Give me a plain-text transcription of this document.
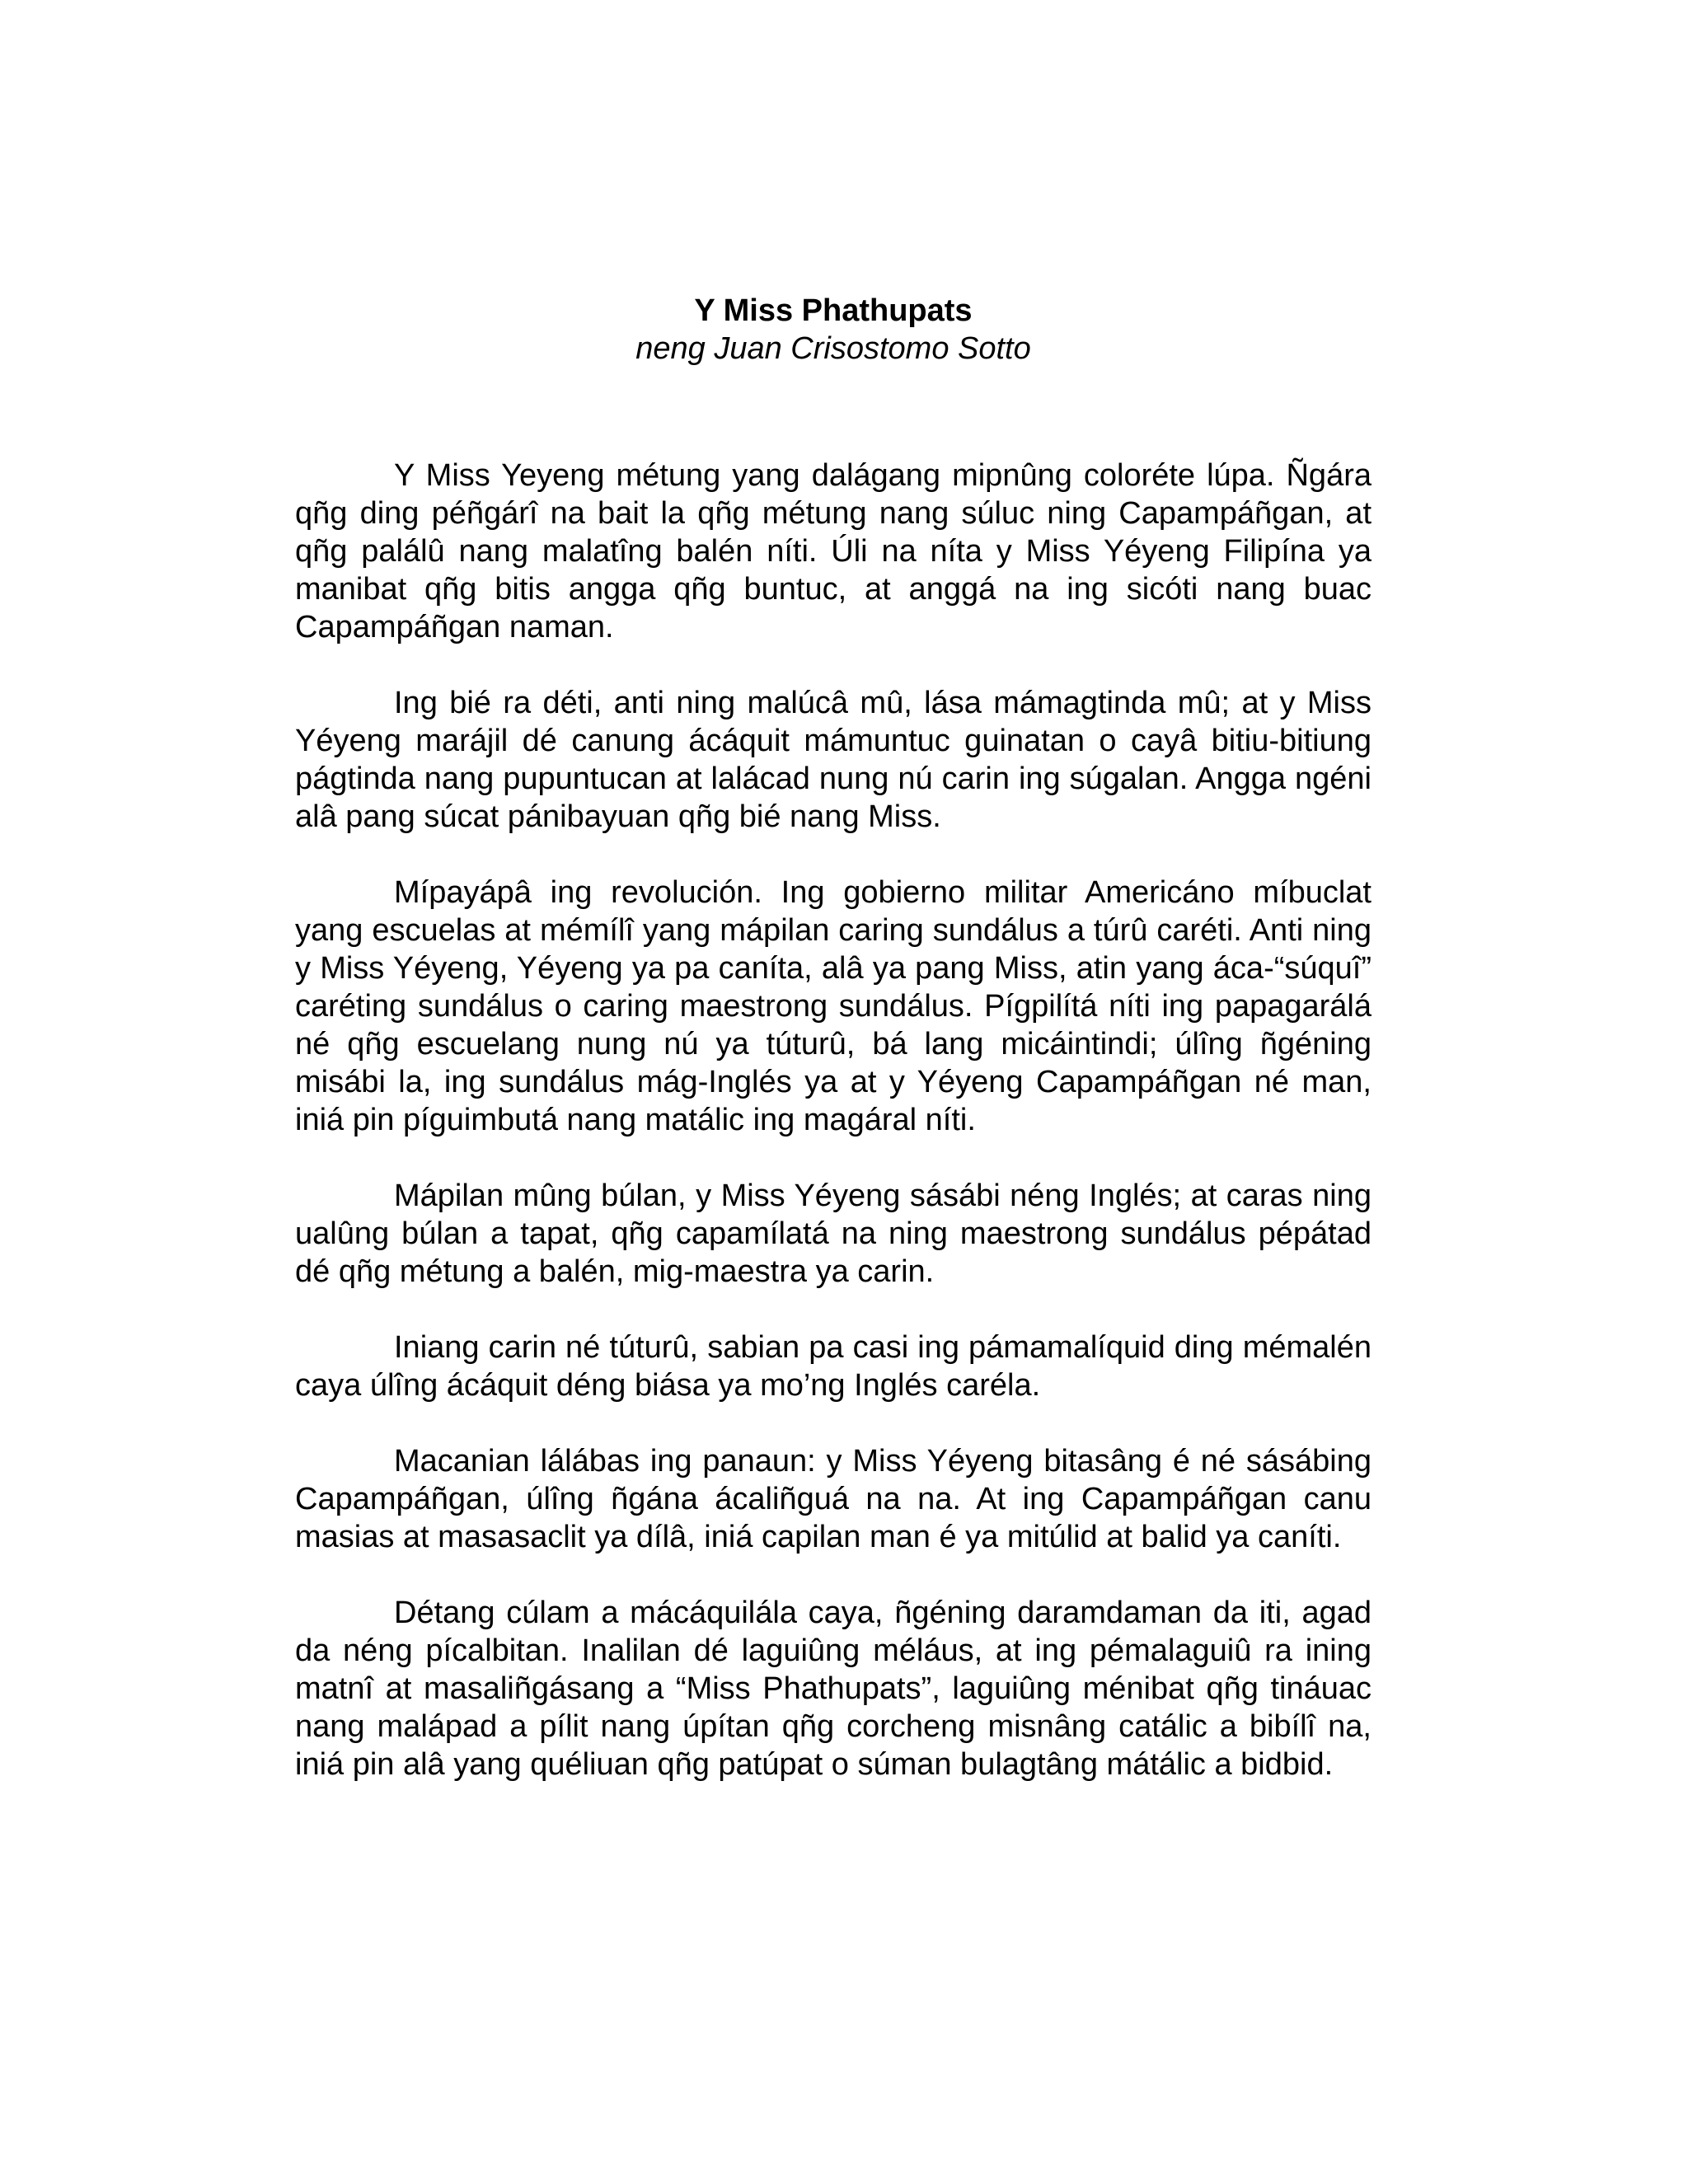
Y Miss Phathupats
neng Juan Crisostomo Sotto

Y Miss Yeyeng métung yang dalágang mipnûng coloréte lúpa. Ñgára qñg ding péñgárî na bait la qñg métung nang súluc ning Capampáñgan, at qñg palálû nang malatîng balén níti. Úli na níta y Miss Yéyeng Filipína ya manibat qñg bitis angga qñg buntuc, at anggá na ing sicóti nang buac Capampáñgan naman.

Ing bié ra déti, anti ning malúcâ mû, lása mámagtinda mû; at y Miss Yéyeng marájil dé canung ácáquit mámuntuc guinatan o cayâ bitiu-bitiung págtinda nang pupuntucan at lalácad nung nú carin ing súgalan. Angga ngéni alâ pang súcat pánibayuan qñg bié nang Miss.

Mípayápâ ing revolución. Ing gobierno militar Americáno míbuclat yang escuelas at mémílî yang mápilan caring sundálus a túrû caréti. Anti ning y Miss Yéyeng, Yéyeng ya pa caníta, alâ ya pang Miss, atin yang áca-“súquî” caréting sundálus o caring maestrong sundálus. Pígpilítá níti ing papagarálá né qñg escuelang nung nú ya túturû, bá lang micáintindi; úlîng ñgéning misábi la, ing sundálus mág-Inglés ya at y Yéyeng Capampáñgan né man, iniá pin píguimbutá nang matálic ing magáral níti.

Mápilan mûng búlan, y Miss Yéyeng sásábi néng Inglés; at caras ning ualûng búlan a tapat, qñg capamílatá na ning maestrong sundálus pépátad dé qñg métung a balén, mig-maestra ya carin.

Iniang carin né túturû, sabian pa casi ing pámamalíquid ding mémalén caya úlîng ácáquit déng biása ya mo’ng Inglés caréla.

Macanian lálábas ing panaun: y Miss Yéyeng bitasâng é né sásábing Capampáñgan, úlîng ñgána ácaliñguá na na. At ing Capampáñgan canu masias at masasaclit ya dílâ, iniá capilan man é ya mitúlid at balid ya caníti.

Détang cúlam a mácáquilála caya, ñgéning daramdaman da iti, agad da néng pícalbitan. Inalilan dé laguiûng méláus, at ing pémalaguiû ra ining matnî at masaliñgásang a “Miss Phathupats”, laguiûng ménibat qñg tináuac nang malápad a pílit nang úpítan qñg corcheng misnâng catálic a bibílî na, iniá pin alâ yang quéliuan qñg patúpat o súman bulagtâng mátálic a bidbid.
